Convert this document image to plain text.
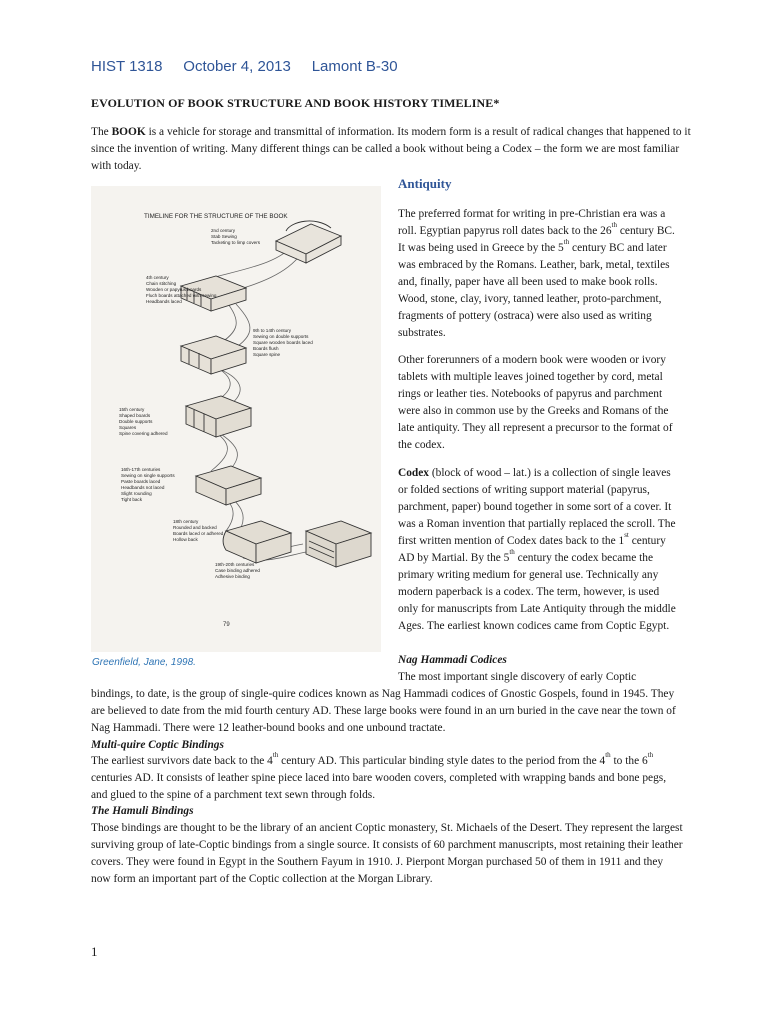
HIST 1318 October 4, 2013 Lamont B-30
EVOLUTION OF BOOK STRUCTURE AND BOOK HISTORY TIMELINE*

The BOOK is a vehicle for storage and transmittal of information. Its modern form is a result of radical changes that happened to it since the invention of writing. Many different things can be called a book without being a Codex – the form we are most familiar with today.

TIMELINE FOR THE STRUCTURE OF THE BOOK
2nd century Stab Sewing Tacketing to limp covers
4th century Chain stitching Wooden or papyrus boards Fluch boards attached with sewing Headbands laced
9th to 14th century Sewing on double supports Square wooden boards laced Boards flush Square spine
15th century Shaped boards Double supports Squares Spine covering adhered
16th-17th centuries Sewing on single supports Paste boards laced Headbands not laced Slight rounding Tight back
18th century Rounded and backed Boards laced or adhered Hollow back
19th-20th centuries Case binding adhered Adhesive binding
79
Greenfield, Jane, 1998.
Antiquity

The preferred format for writing in pre-Christian era was a roll. Egyptian papyrus roll dates back to the 26th century BC. It was being used in Greece by the 5th century BC and later was embraced by the Romans. Leather, bark, metal, textiles and, finally, paper have all been used to make book rolls. Wood, stone, clay, ivory, tanned leather, proto-parchment, fragments of pottery (ostraca) were also used as writing substrates.

Other forerunners of a modern book were wooden or ivory tablets with multiple leaves joined together by cord, metal rings or leather ties. Notebooks of papyrus and parchment were also in common use by the Greeks and Romans of the late antiquity. They all represent a precursor to the format of the codex.

Codex (block of wood – lat.) is a collection of single leaves or folded sections of writing support material (papyrus, parchment, paper) bound together in some sort of a cover. It was a Roman invention that partially replaced the scroll. The first written mention of Codex dates back to the 1st century AD by Martial. By the 5th century the codex became the primary writing medium for general use. Technically any modern paperback is a codex. The term, however, is used only for manuscripts from Late Antiquity through the middle Ages. The earliest known codices came from Coptic Egypt.

Nag Hammadi Codices
The most important single discovery of early Coptic

bindings, to date, is the group of single-quire codices known as Nag Hammadi codices of Gnostic Gospels, found in 1945. They are believed to date from the mid fourth century AD. These large books were found in an urn buried in the cave near the town of Nag Hammadi. There were 12 leather-bound books and one unbound tractate.

Multi-quire Coptic Bindings

The earliest survivors date back to the 4th century AD. This particular binding style dates to the period from the 4th to the 6th centuries AD. It consists of leather spine piece laced into bare wooden covers, completed with wrapping bands and bone pegs, and glued to the spine of a parchment text sewn through folds.

The Hamuli Bindings

Those bindings are thought to be the library of an ancient Coptic monastery, St. Michaels of the Desert. They represent the largest surviving group of late-Coptic bindings from a single source. It consists of 60 parchment manuscripts, most retaining their leather covers. They were found in Egypt in the Southern Fayum in 1910. J. Pierpont Morgan purchased 50 of them in 1911 and they now form an important part of the Coptic collection at the Morgan Library.

1
